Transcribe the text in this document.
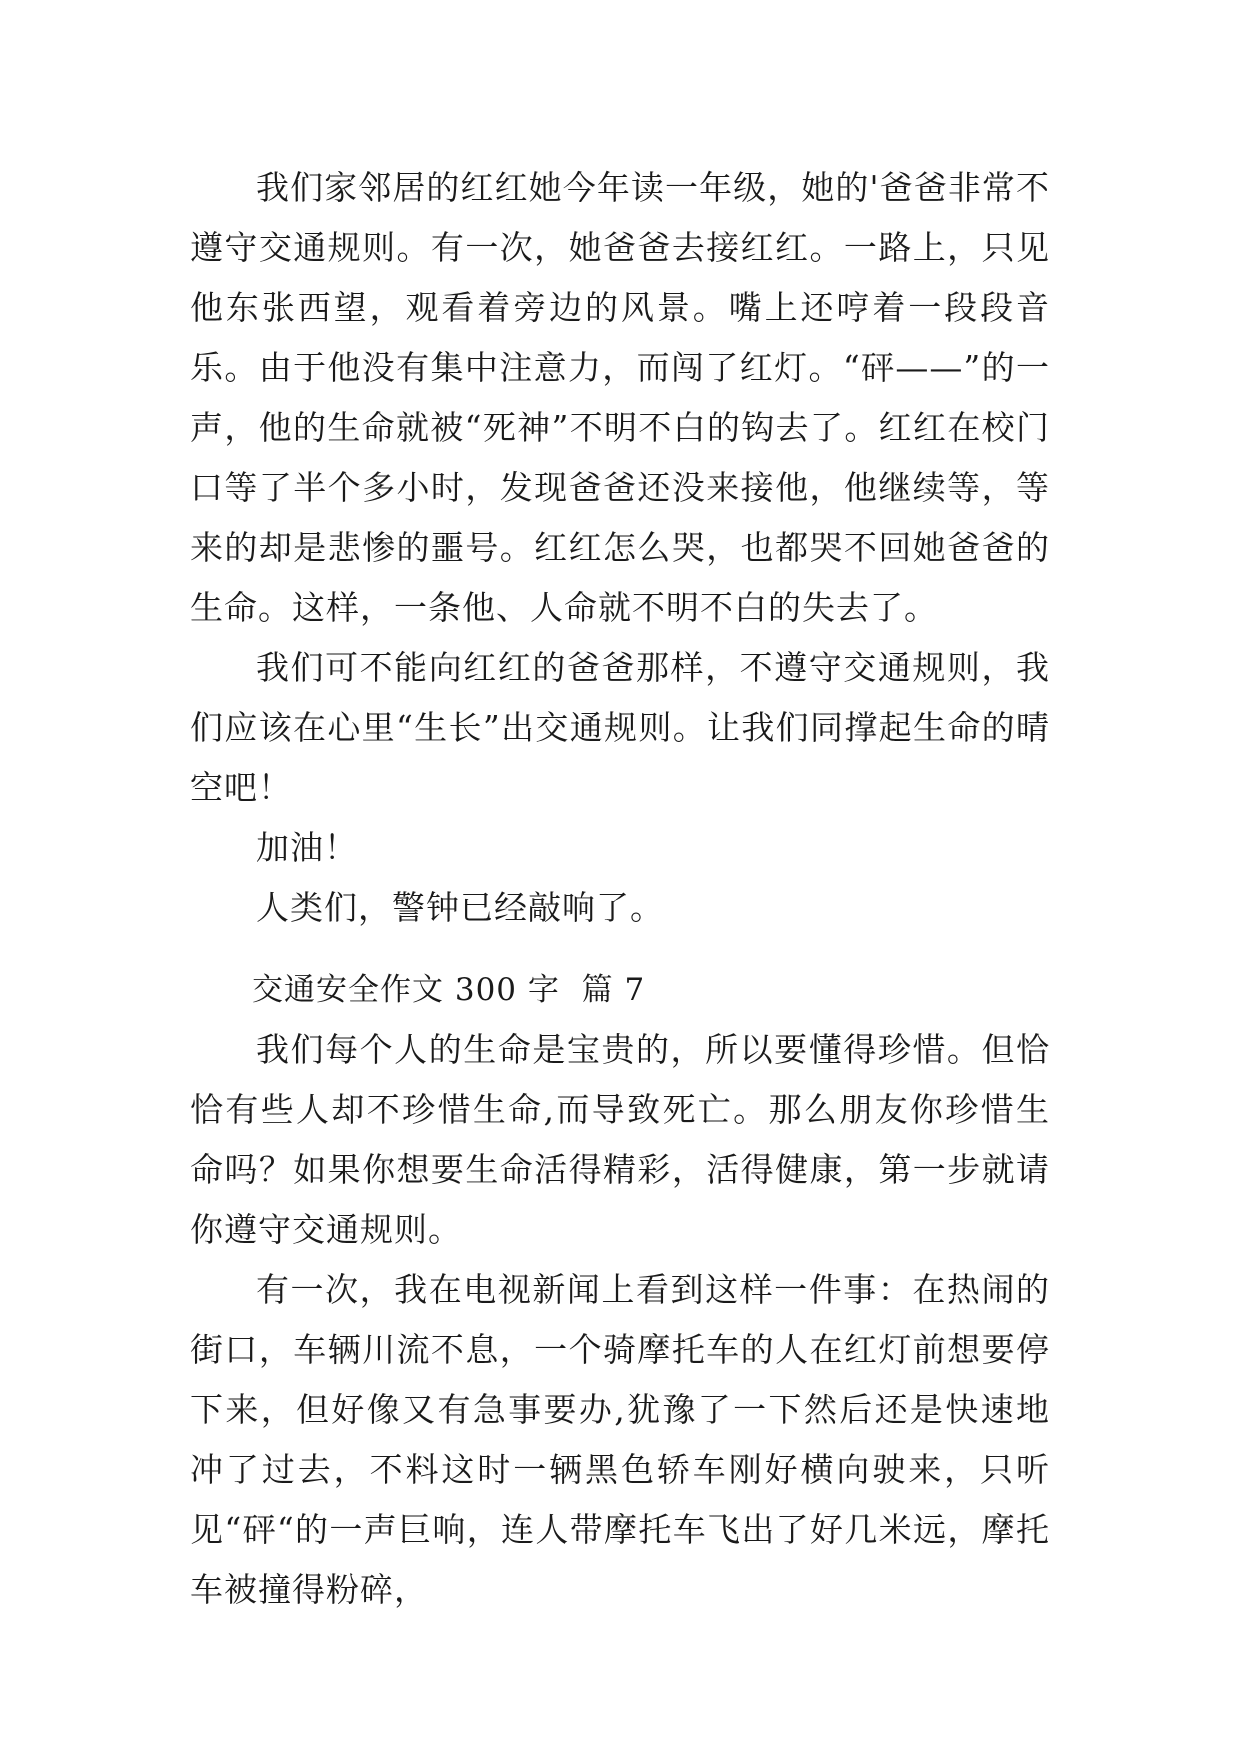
我们家邻居的红红她今年读一年级，她的'爸爸非常不遵守交通规则。有一次，她爸爸去接红红。一路上，只见他东张西望，观看着旁边的风景。嘴上还哼着一段段音乐。由于他没有集中注意力，而闯了红灯。“砰——”的一声，他的生命就被“死神”不明不白的钩去了。红红在校门口等了半个多小时，发现爸爸还没来接他，他继续等，等来的却是悲惨的噩号。红红怎么哭，也都哭不回她爸爸的生命。这样，一条他、人命就不明不白的失去了。

我们可不能向红红的爸爸那样，不遵守交通规则，我们应该在心里“生长”出交通规则。让我们同撑起生命的晴空吧！

加油！

人类们，警钟已经敲响了。

交通安全作文 300 字  篇 7

我们每个人的生命是宝贵的，所以要懂得珍惜。但恰恰有些人却不珍惜生命,而导致死亡。那么朋友你珍惜生命吗？如果你想要生命活得精彩，活得健康，第一步就请你遵守交通规则。

有一次，我在电视新闻上看到这样一件事：在热闹的街口，车辆川流不息，一个骑摩托车的人在红灯前想要停下来，但好像又有急事要办,犹豫了一下然后还是快速地冲了过去，不料这时一辆黑色轿车刚好横向驶来，只听见“砰“的一声巨响，连人带摩托车飞出了好几米远，摩托车被撞得粉碎，
